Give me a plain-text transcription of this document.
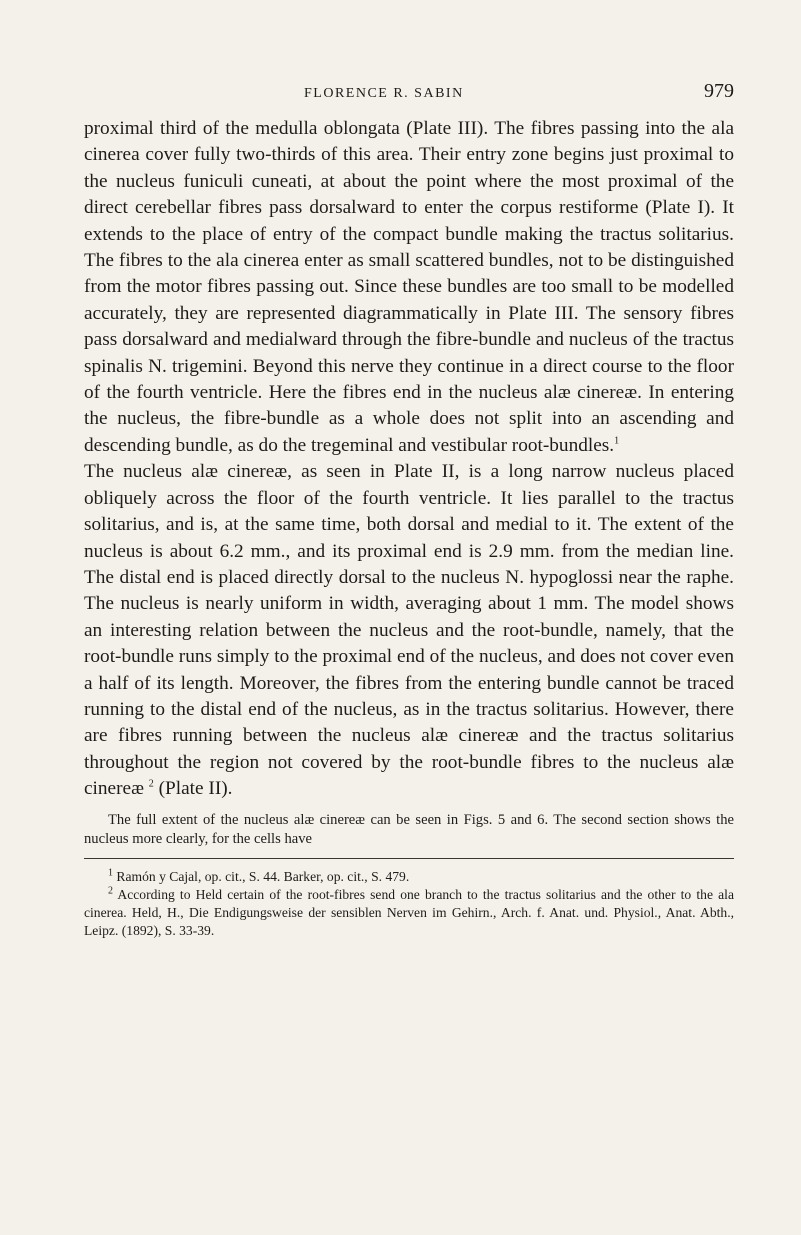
FLORENCE R. SABIN	979

proximal third of the medulla oblongata (Plate III). The fibres passing into the ala cinerea cover fully two-thirds of this area. Their entry zone begins just proximal to the nucleus funiculi cuneati, at about the point where the most proximal of the direct cerebellar fibres pass dorsalward to enter the corpus restiforme (Plate I). It extends to the place of entry of the compact bundle making the tractus solitarius. The fibres to the ala cinerea enter as small scattered bundles, not to be distinguished from the motor fibres passing out. Since these bundles are too small to be modelled accurately, they are represented diagrammatically in Plate III. The sensory fibres pass dorsalward and medialward through the fibre-bundle and nucleus of the tractus spinalis N. trigemini. Beyond this nerve they continue in a direct course to the floor of the fourth ventricle. Here the fibres end in the nucleus alæ cinereæ. In entering the nucleus, the fibre-bundle as a whole does not split into an ascending and descending bundle, as do the tregeminal and vestibular root-bundles.$^1$

The nucleus alæ cinereæ, as seen in Plate II, is a long narrow nucleus placed obliquely across the floor of the fourth ventricle. It lies parallel to the tractus solitarius, and is, at the same time, both dorsal and medial to it. The extent of the nucleus is about 6.2 mm., and its proximal end is 2.9 mm. from the median line. The distal end is placed directly dorsal to the nucleus N. hypoglossi near the raphe. The nucleus is nearly uniform in width, averaging about 1 mm. The model shows an interesting relation between the nucleus and the root-bundle, namely, that the root-bundle runs simply to the proximal end of the nucleus, and does not cover even a half of its length. Moreover, the fibres from the entering bundle cannot be traced running to the distal end of the nucleus, as in the tractus solitarius. However, there are fibres running between the nucleus alæ cinereæ and the tractus solitarius throughout the region not covered by the root-bundle fibres to the nucleus alæ cinereæ $^2$ (Plate II).

The full extent of the nucleus alæ cinereæ can be seen in Figs. 5 and 6. The second section shows the nucleus more clearly, for the cells have

$^1$ Ramón y Cajal, op. cit., S. 44. Barker, op. cit., S. 479.

$^2$ According to Held certain of the root-fibres send one branch to the tractus solitarius and the other to the ala cinerea. Held, H., Die Endigungsweise der sensiblen Nerven im Gehirn., Arch. f. Anat. und. Physiol., Anat. Abth., Leipz. (1892), S. 33-39.
